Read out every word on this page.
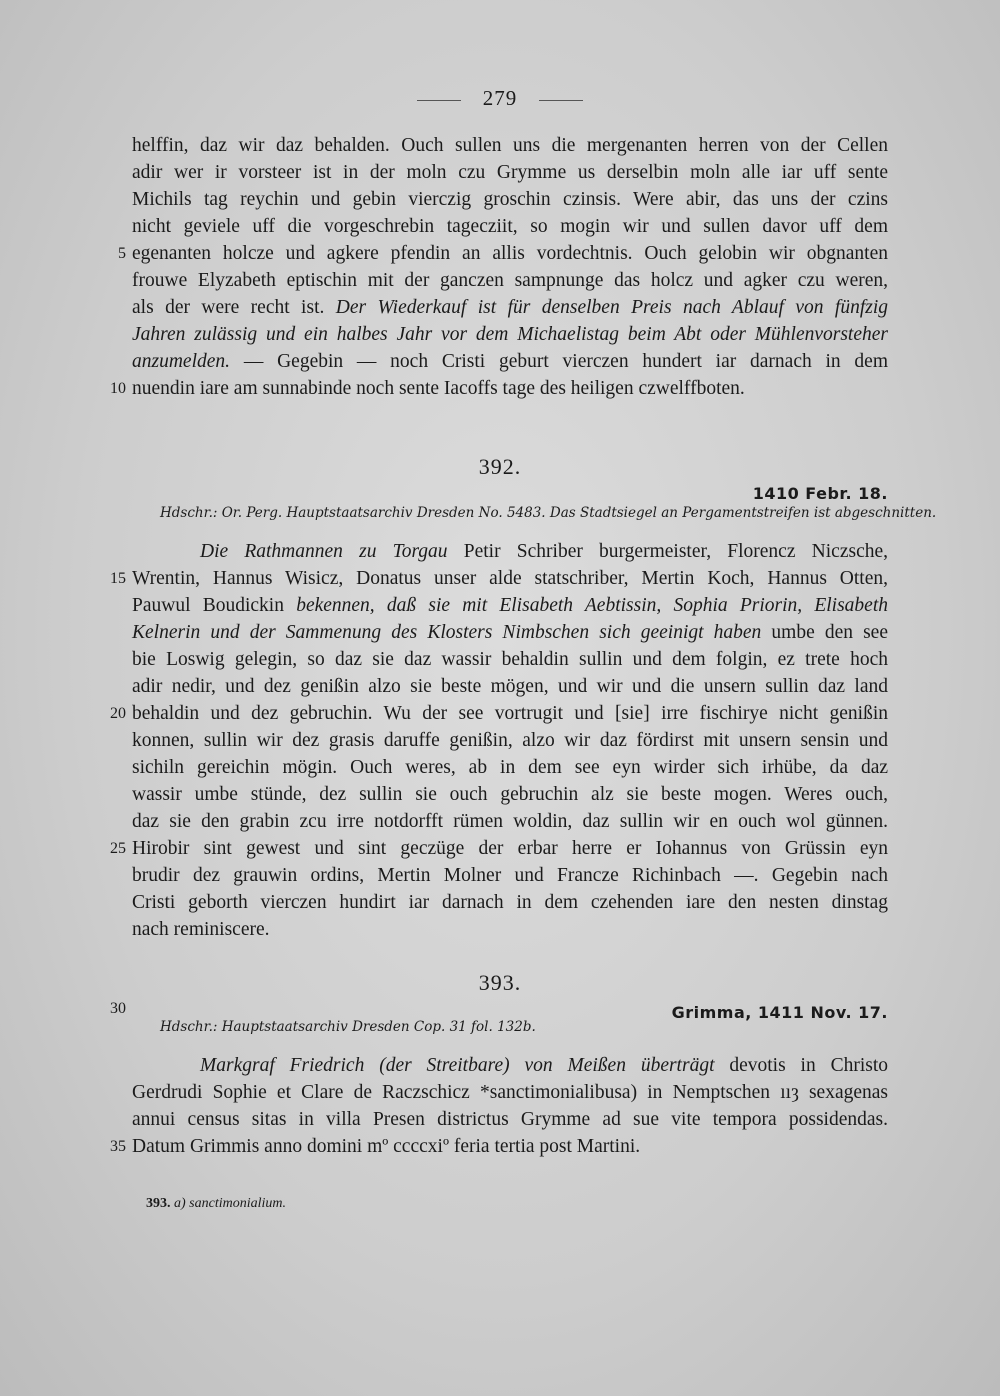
279
helffin, daz wir daz behalden. Ouch sullen uns die mergenanten herren von der Cellen
adir wer ir vorsteer ist in der moln czu Grymme us derselbin moln alle iar uff sente
Michils tag reychin und gebin vierczig groschin czinsis. Were abir, das uns der czins
nicht geviele uff die vorgeschrebin tagecziit, so mogin wir und sullen davor uff dem
egenanten holcze und agkere pfendin an allis vordechtnis. Ouch gelobin wir obgnanten
frouwe Elyzabeth eptischin mit der ganczen sampnunge das holcz und agker czu weren,
als der were recht ist. Der Wiederkauf ist für denselben Preis nach Ablauf von fünfzig
Jahren zulässig und ein halbes Jahr vor dem Michaelistag beim Abt oder Mühlenvorsteher
anzumelden. — Gegebin — noch Cristi geburt vierczen hundert iar darnach in dem
nuendin iare am sunnabinde noch sente Iacoffs tage des heiligen czwelffboten.
392.
1410 Febr. 18.
Hdschr.: Or. Perg. Hauptstaatsarchiv Dresden No. 5483. Das Stadtsiegel an Pergamentstreifen ist abgeschnitten.
Die Rathmannen zu Torgau Petir Schriber burgermeister, Florencz Niczsche,
Wrentin, Hannus Wisicz, Donatus unser alde statschriber, Mertin Koch, Hannus Otten,
Pauwul Boudickin bekennen, daß sie mit Elisabeth Aebtissin, Sophia Priorin, Elisabeth
Kelnerin und der Sammenung des Klosters Nimbschen sich geeinigt haben umbe den see
bie Loswig gelegin, so daz sie daz wassir behaldin sullin und dem folgin, ez trete hoch
adir nedir, und dez genißin alzo sie beste mögen, und wir und die unsern sullin daz land
behaldin und dez gebruchin. Wu der see vortrugit und [sie] irre fischirye nicht genißin
konnen, sullin wir dez grasis daruffe genißin, alzo wir daz fördirst mit unsern sensin und
sichiln gereichin mögin. Ouch weres, ab in dem see eyn wirder sich irhübe, da daz
wassir umbe stünde, dez sullin sie ouch gebruchin alz sie beste mogen. Weres ouch,
daz sie den grabin zcu irre notdorfft rümen woldin, daz sullin wir en ouch wol günnen.
Hirobir sint gewest und sint geczüge der erbar herre er Iohannus von Grüssin eyn
brudir dez grauwin ordins, Mertin Molner und Francze Richinbach —. Gegebin nach
Cristi geborth vierczen hundirt iar darnach in dem czehenden iare den nesten dinstag
nach reminiscere.
393.
Grimma, 1411 Nov. 17.
Hdschr.: Hauptstaatsarchiv Dresden Cop. 31 fol. 132b.
Markgraf Friedrich (der Streitbare) von Meißen überträgt devotis in Christo
Gerdrudi Sophie et Clare de Raczschicz *sanctimonialibusa) in Nemptschen ııȝ sexagenas
annui census sitas in villa Presen districtus Grymme ad sue vite tempora possidendas.
Datum Grimmis anno domini mº ccccxiº feria tertia post Martini.
5
10
15
20
25
30
35
393. a) sanctimonialium.
